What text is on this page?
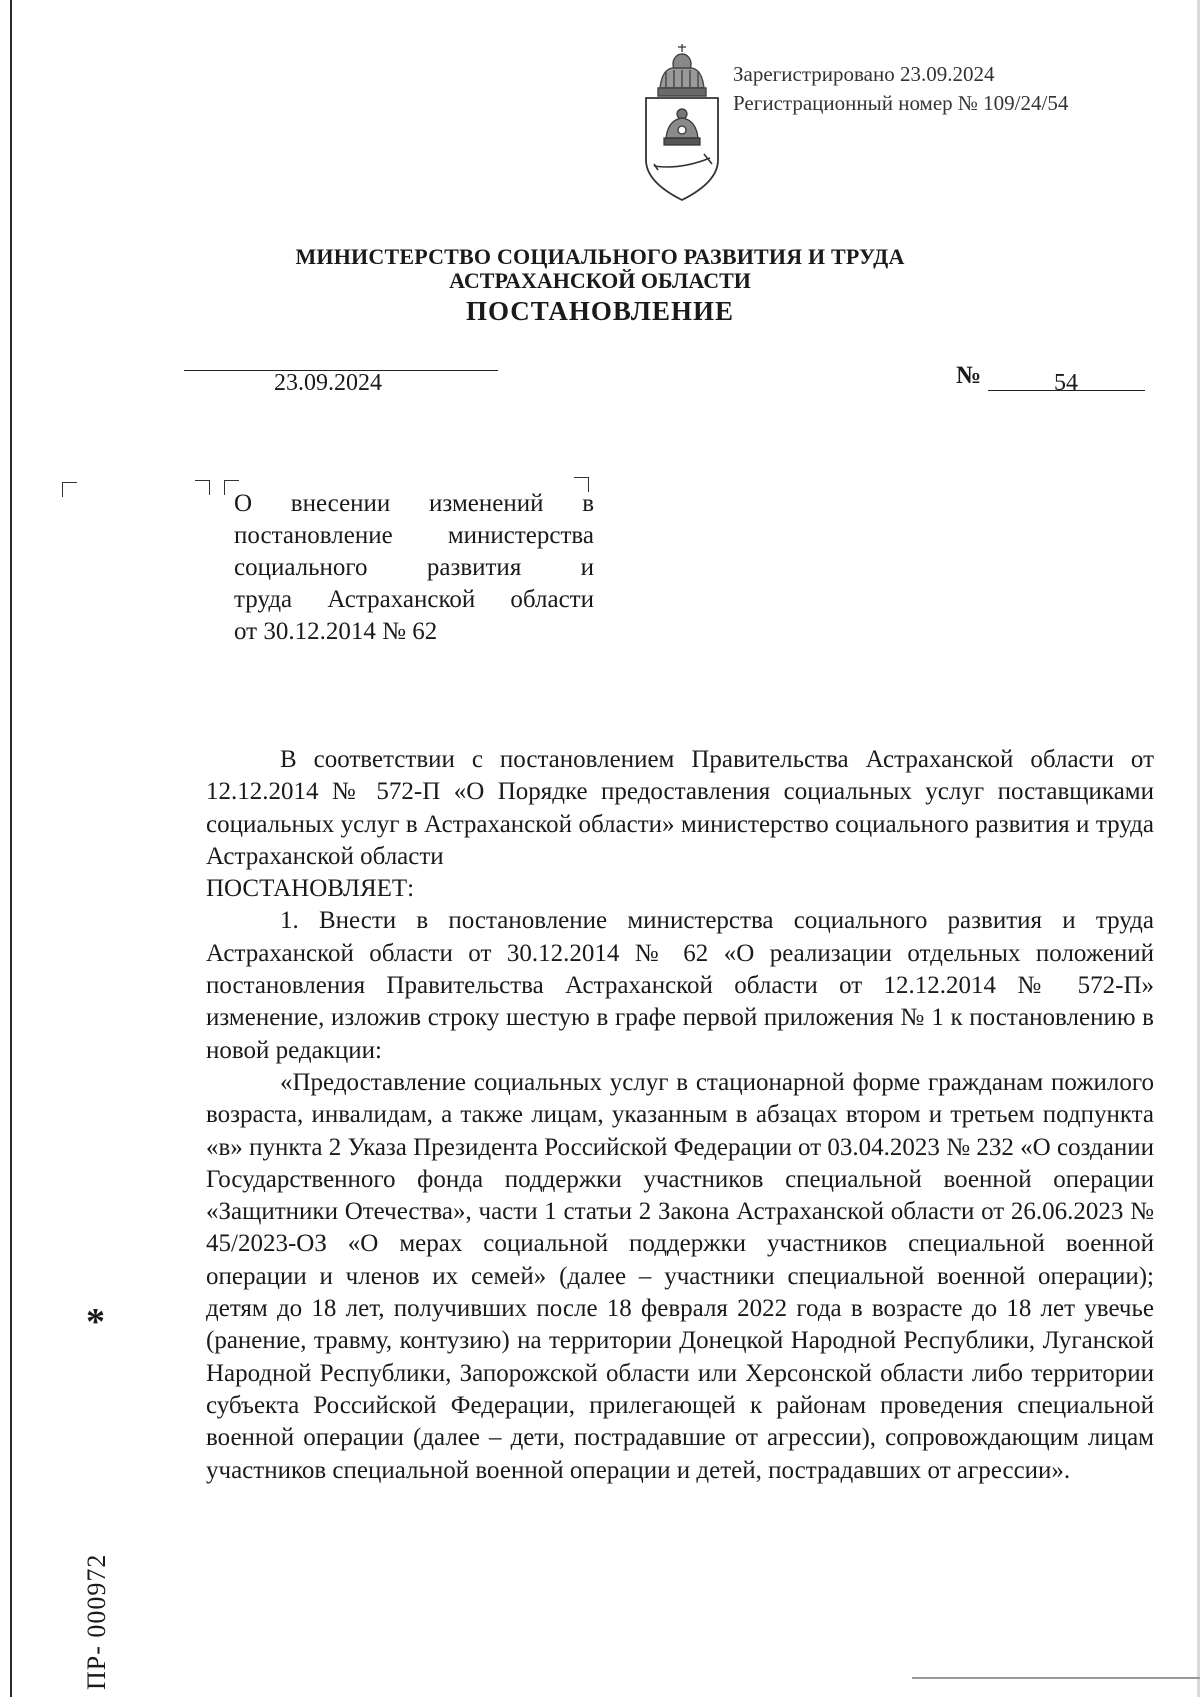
Зарегистрировано 23.09.2024
Регистрационный номер № 109/24/54
МИНИСТЕРСТВО СОЦИАЛЬНОГО РАЗВИТИЯ И ТРУДА
АСТРАХАНСКОЙ ОБЛАСТИ
ПОСТАНОВЛЕНИЕ
23.09.2024	№	54
О внесении изменений в
постановление министерства
социального развития и
труда Астраханской области
от 30.12.2014 № 62

В соответствии с постановлением Правительства Астраханской области от 12.12.2014 № 572-П «О Порядке предоставления социальных услуг поставщиками социальных услуг в Астраханской области» министерство социального развития и труда Астраханской области

ПОСТАНОВЛЯЕТ:

1. Внести в постановление министерства социального развития и труда Астраханской области от 30.12.2014 № 62 «О реализации отдельных положений постановления Правительства Астраханской области от 12.12.2014 № 572-П» изменение, изложив строку шестую в графе первой приложения № 1 к постановлению в новой редакции:

«Предоставление социальных услуг в стационарной форме гражданам пожилого возраста, инвалидам, а также лицам, указанным в абзацах втором и третьем подпункта «в» пункта 2 Указа Президента Российской Федерации от 03.04.2023 № 232 «О создании Государственного фонда поддержки участников специальной военной операции «Защитники Отечества», части 1 статьи 2 Закона Астраханской области от 26.06.2023 № 45/2023-ОЗ «О мерах социальной поддержки участников специальной военной операции и членов их семей» (далее – участники специальной военной операции); детям до 18 лет, получивших после 18 февраля 2022 года в возрасте до 18 лет увечье (ранение, травму, контузию) на территории Донецкой Народной Республики, Луганской Народной Республики, Запорожской области или Херсонской области либо территории субъекта Российской Федерации, прилегающей к районам проведения специальной военной операции (далее – дети, пострадавшие от агрессии), сопровождающим лицам участников специальной военной операции и детей, пострадавших от агрессии».

*
ПР- 000972
